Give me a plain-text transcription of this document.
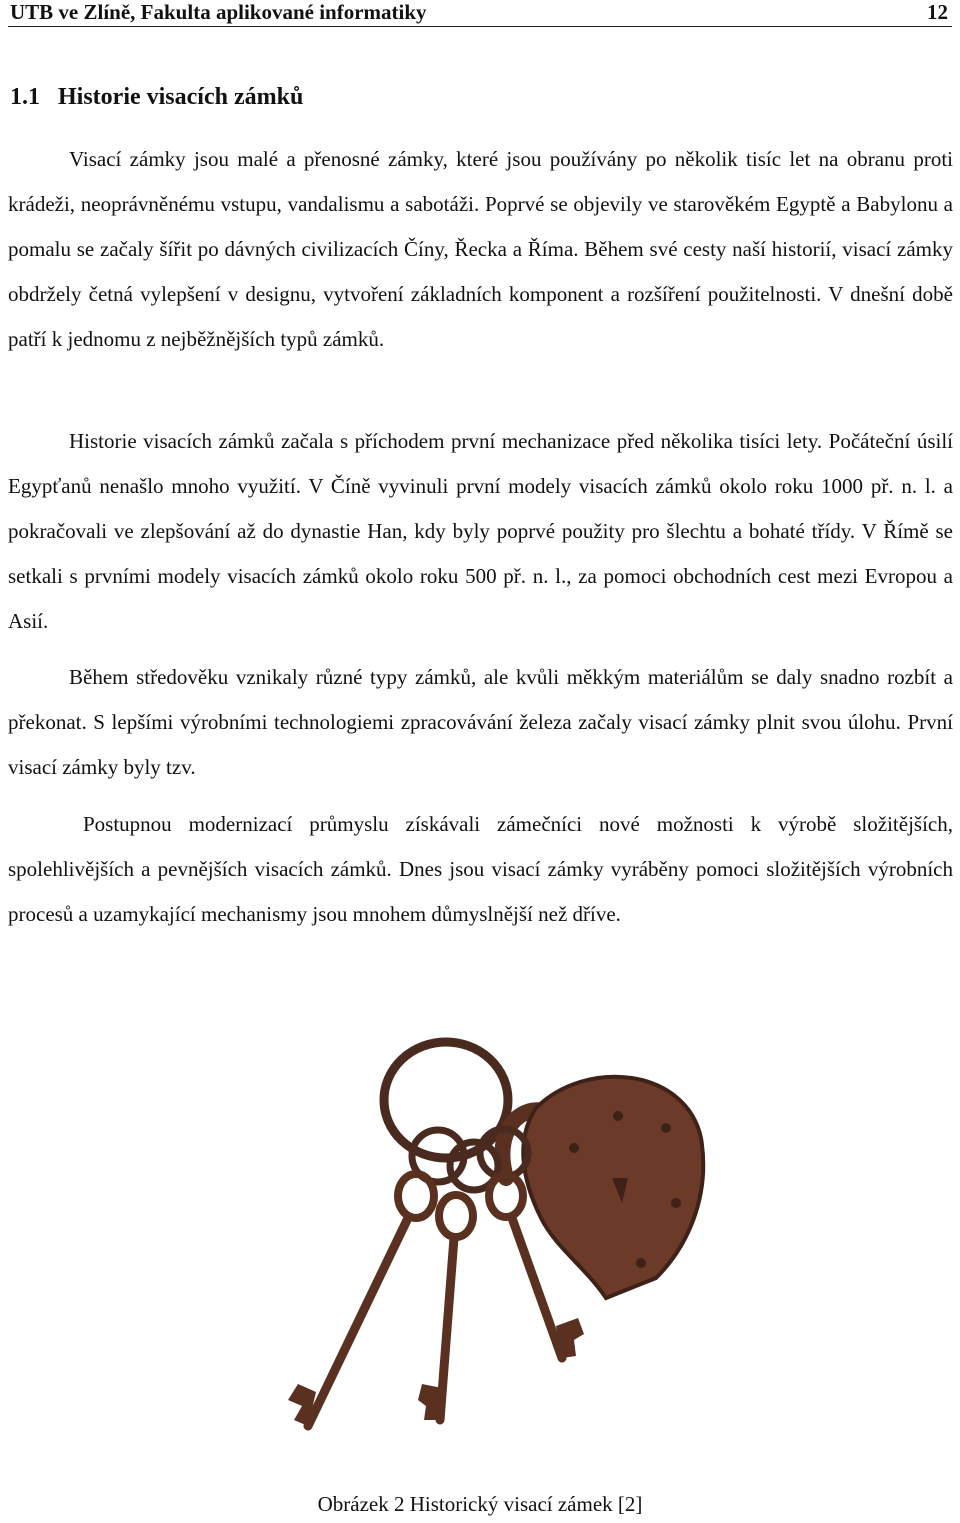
UTB ve Zlíně, Fakulta aplikované informatiky	12
1.1 Historie visacích zámků

Visací zámky jsou malé a přenosné zámky, které jsou používány po několik tisíc let na obranu proti krádeži, neoprávněnému vstupu, vandalismu a sabotáži. Poprvé se objevily ve starověkém Egyptě a Babylonu a pomalu se začaly šířit po dávných civilizacích Číny, Řecka a Říma. Během své cesty naší historií, visací zámky obdržely četná vylepšení v designu, vytvoření základních komponent a rozšíření použitelnosti. V dnešní době patří k jednomu z nejběžnějších typů zámků.

Historie visacích zámků začala s příchodem první mechanizace před několika tisíci lety. Počáteční úsilí Egypťanů nenašlo mnoho využití. V Číně vyvinuli první modely visacích zámků okolo roku 1000 př. n. l. a pokračovali ve zlepšování až do dynastie Han, kdy byly poprvé použity pro šlechtu a bohaté třídy. V Římě se setkali s prvními modely visacích zámků okolo roku 500 př. n. l., za pomoci obchodních cest mezi Evropou a Asií.

Během středověku vznikaly různé typy zámků, ale kvůli měkkým materiálům se daly snadno rozbít a překonat. S lepšími výrobními technologiemi zpracovávání železa začaly visací zámky plnit svou úlohu. První visací zámky byly tzv.

Postupnou modernizací průmyslu získávali zámečníci nové možnosti k výrobě složitějších, spolehlivějších a pevnějších visacích zámků. Dnes jsou visací zámky vyráběny pomoci složitějších výrobních procesů a uzamykající mechanismy jsou mnohem důmyslnější než dříve.

Obrázek 2 Historický visací zámek [2]
